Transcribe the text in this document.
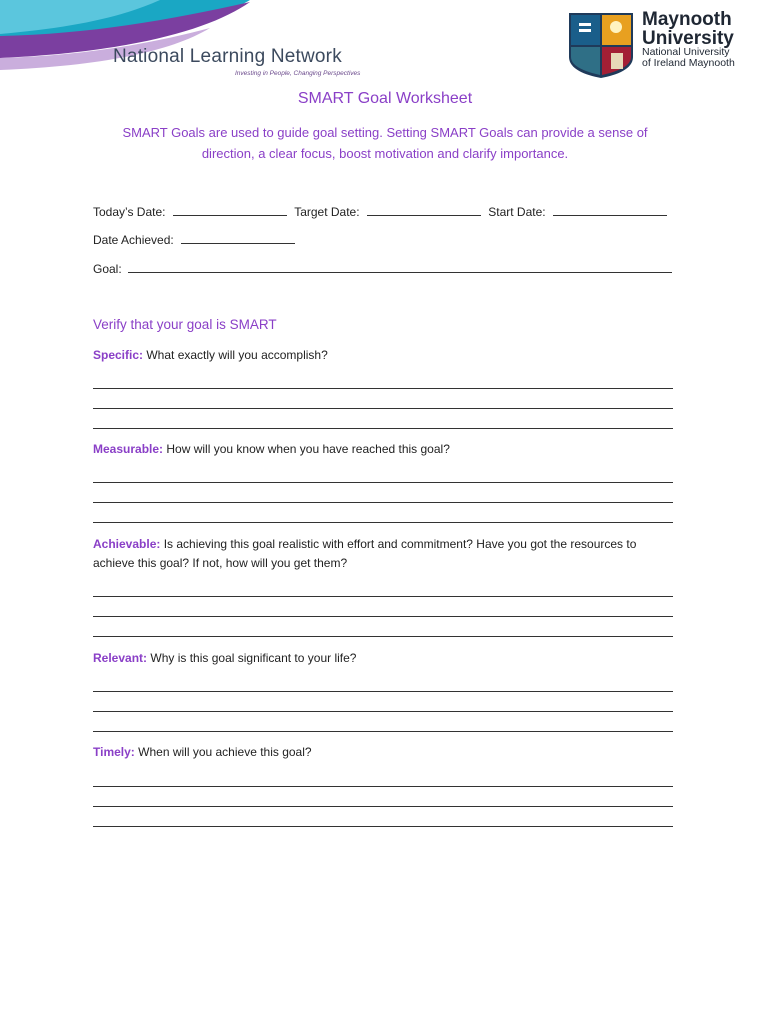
National Learning Network
Investing in People, Changing Perspectives
Maynooth
University
National University
of Ireland Maynooth
SMART Goal Worksheet
SMART Goals are used to guide goal setting. Setting SMART Goals can provide a sense of direction, a clear focus, boost motivation and clarify importance.
Today’s Date:	Target Date:	Start Date:
Date Achieved:
Goal:
Verify that your goal is SMART
Specific: What exactly will you accomplish?
Measurable: How will you know when you have reached this goal?
Achievable: Is achieving this goal realistic with effort and commitment? Have you got the resources to achieve this goal? If not, how will you get them?
Relevant: Why is this goal significant to your life?
Timely: When will you achieve this goal?
